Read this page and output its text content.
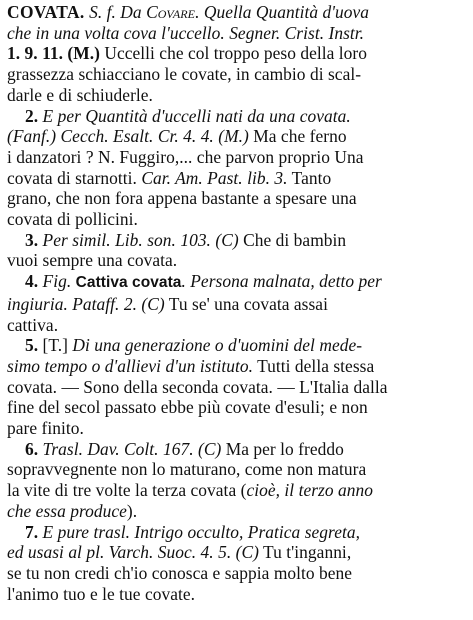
COVATA. S. f. Da Covare. Quella Quantità d'uova
che in una volta cova l'uccello. Segner. Crist. Instr.
1. 9. 11. (M.) Uccelli che col troppo peso della loro
grassezza schiacciano le covate, in cambio di scal-
darle e di schiuderle.
2. E per Quantità d'uccelli nati da una covata.
(Fanf.) Cecch. Esalt. Cr. 4. 4. (M.) Ma che ferno
i danzatori ? N. Fuggiro,... che parvon proprio Una
covata di starnotti. Car. Am. Past. lib. 3. Tanto
grano, che non fora appena bastante a spesare una
covata di pollicini.
3. Per simil. Lib. son. 103. (C) Che di bambin
vuoi sempre una covata.
4. Fig. Cattiva covata. Persona malnata, detto per
ingiuria. Pataff. 2. (C) Tu se' una covata assai
cattiva.
5. [T.] Di una generazione o d'uomini del mede-
simo tempo o d'allievi d'un istituto. Tutti della stessa
covata. — Sono della seconda covata. — L'Italia dalla
fine del secol passato ebbe più covate d'esuli; e non
pare finito.
6. Trasl. Dav. Colt. 167. (C) Ma per lo freddo
sopravvegnente non lo maturano, come non matura
la vite di tre volte la terza covata (cioè, il terzo anno
che essa produce).
7. E pure trasl. Intrigo occulto, Pratica segreta,
ed usasi al pl. Varch. Suoc. 4. 5. (C) Tu t'inganni,
se tu non credi ch'io conosca e sappia molto bene
l'animo tuo e le tue covate.
